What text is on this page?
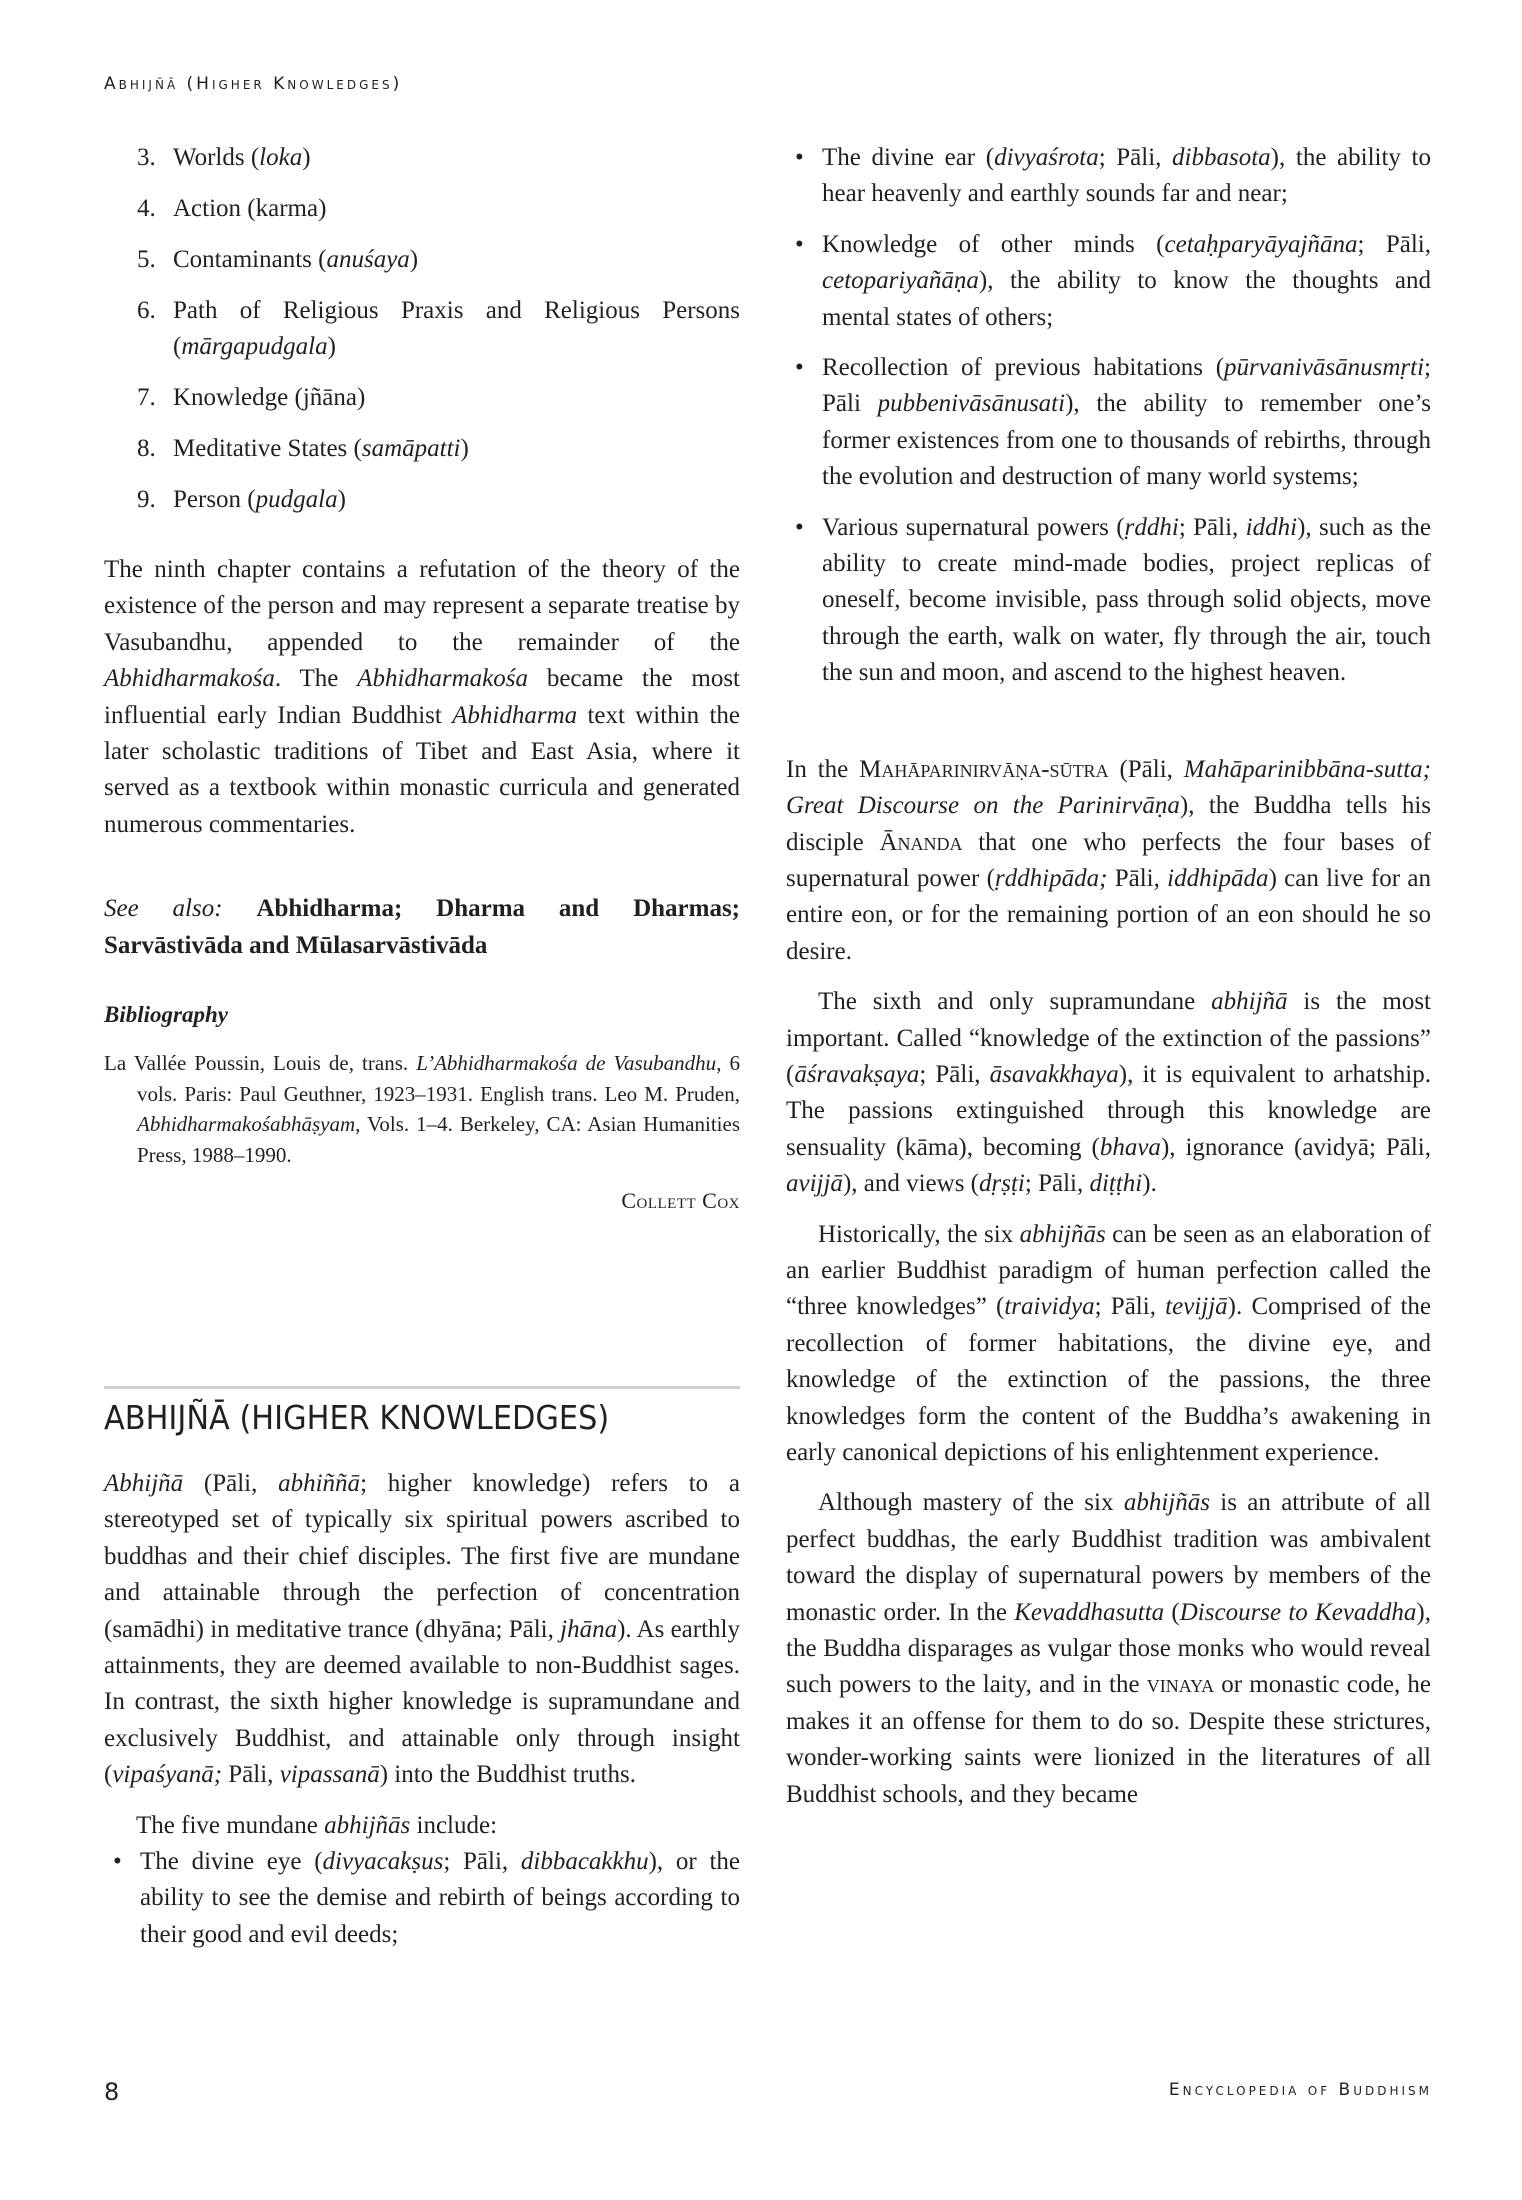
Abhijñā (Higher Knowledges)
3. Worlds (loka)
4. Action (karma)
5. Contaminants (anuśaya)
6. Path of Religious Praxis and Religious Persons (mārgapudgala)
7. Knowledge (jñāna)
8. Meditative States (samāpatti)
9. Person (pudgala)

The ninth chapter contains a refutation of the theory of the existence of the person and may represent a separate treatise by Vasubandhu, appended to the remainder of the Abhidharmakośa. The Abhidharmakośa became the most influential early Indian Buddhist Abhidharma text within the later scholastic traditions of Tibet and East Asia, where it served as a textbook within monastic curricula and generated numerous commentaries.

See also: Abhidharma; Dharma and Dharmas; Sarvāstivāda and Mūlasarvāstivāda

Bibliography
La Vallée Poussin, Louis de, trans. L’Abhidharmakośa de Vasubandhu, 6 vols. Paris: Paul Geuthner, 1923–1931. English trans. Leo M. Pruden, Abhidharmakośabhāṣyam, Vols. 1–4. Berkeley, CA: Asian Humanities Press, 1988–1990.
Collett Cox
ABHIJÑĀ (HIGHER KNOWLEDGES)

Abhijñā (Pāli, abhiññā; higher knowledge) refers to a stereotyped set of typically six spiritual powers ascribed to buddhas and their chief disciples. The first five are mundane and attainable through the perfection of concentration (samādhi) in meditative trance (dhyāna; Pāli, jhāna). As earthly attainments, they are deemed available to non-Buddhist sages. In contrast, the sixth higher knowledge is supramundane and exclusively Buddhist, and attainable only through insight (vipaśyanā; Pāli, vipassanā) into the Buddhist truths.

The five mundane abhijñās include:

• The divine eye (divyacakṣus; Pāli, dibbacakkhu), or the ability to see the demise and rebirth of beings according to their good and evil deeds;
• The divine ear (divyaśrota; Pāli, dibbasota), the ability to hear heavenly and earthly sounds far and near;
• Knowledge of other minds (cetaḥparyāyajñāna; Pāli, cetopariyañāṇa), the ability to know the thoughts and mental states of others;
• Recollection of previous habitations (pūrvanivāsānusmṛti; Pāli pubbenivāsānusati), the ability to remember one’s former existences from one to thousands of rebirths, through the evolution and destruction of many world systems;
• Various supernatural powers (ṛddhi; Pāli, iddhi), such as the ability to create mind-made bodies, project replicas of oneself, become invisible, pass through solid objects, move through the earth, walk on water, fly through the air, touch the sun and moon, and ascend to the highest heaven.

In the Mahāparinirvāṇa-sūtra (Pāli, Mahāparinibbāna-sutta; Great Discourse on the Parinirvāṇa), the Buddha tells his disciple Ānanda that one who perfects the four bases of supernatural power (ṛddhipāda; Pāli, iddhipāda) can live for an entire eon, or for the remaining portion of an eon should he so desire.

The sixth and only supramundane abhijñā is the most important. Called “knowledge of the extinction of the passions” (āśravakṣaya; Pāli, āsavakkhaya), it is equivalent to arhatship. The passions extinguished through this knowledge are sensuality (kāma), becoming (bhava), ignorance (avidyā; Pāli, avijjā), and views (dṛṣṭi; Pāli, diṭṭhi).

Historically, the six abhijñās can be seen as an elaboration of an earlier Buddhist paradigm of human perfection called the “three knowledges” (traividya; Pāli, tevijjā). Comprised of the recollection of former habitations, the divine eye, and knowledge of the extinction of the passions, the three knowledges form the content of the Buddha’s awakening in early canonical depictions of his enlightenment experience.

Although mastery of the six abhijñās is an attribute of all perfect buddhas, the early Buddhist tradition was ambivalent toward the display of supernatural powers by members of the monastic order. In the Kevaddhasutta (Discourse to Kevaddha), the Buddha disparages as vulgar those monks who would reveal such powers to the laity, and in the vinaya or monastic code, he makes it an offense for them to do so. Despite these strictures, wonder-working saints were lionized in the literatures of all Buddhist schools, and they became

8	Encyclopedia of Buddhism
